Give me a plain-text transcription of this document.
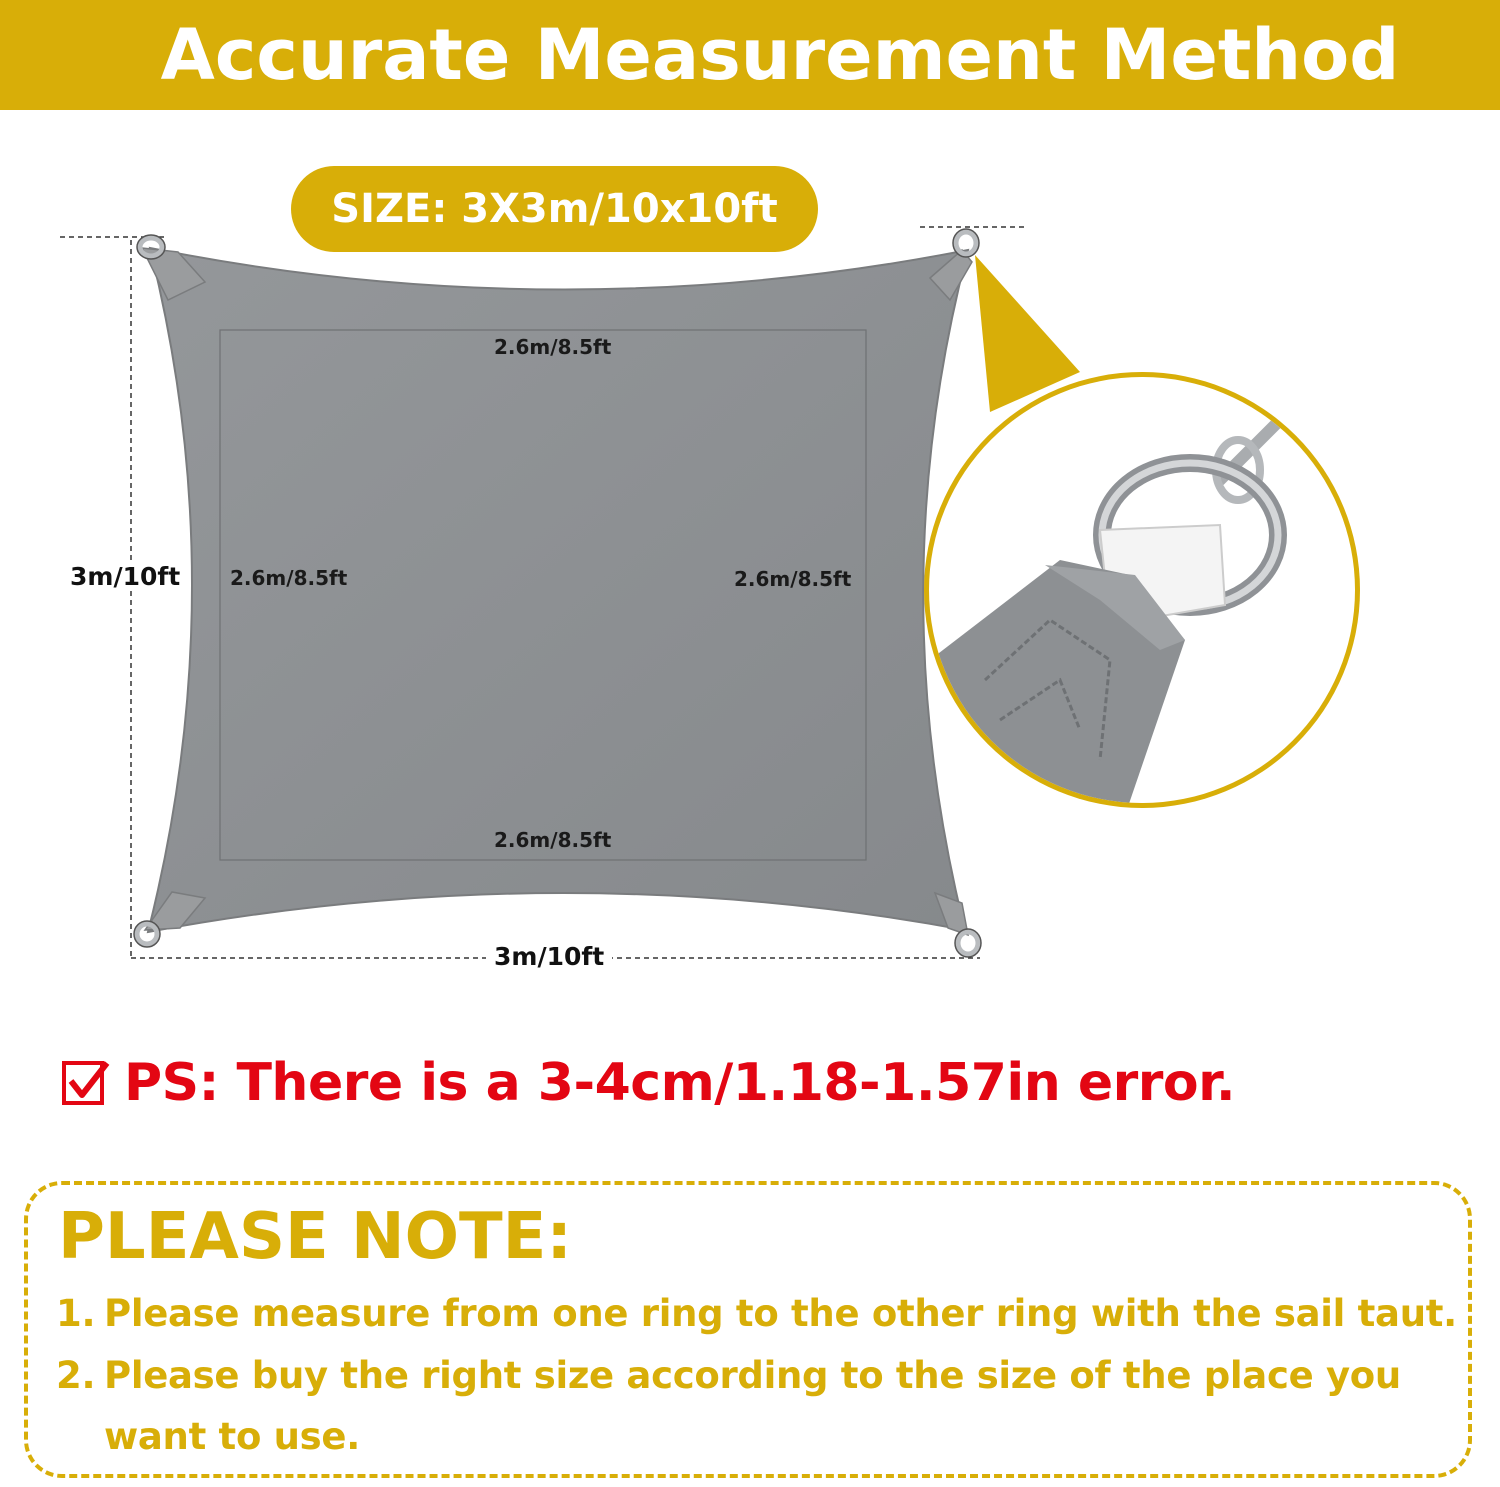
Accurate Measurement Method
SIZE: 3X3m/10x10ft
2.6m/8.5ft
2.6m/8.5ft
2.6m/8.5ft	2.6m/8.5ft
3m/10ft
3m/10ft
PS: There is a 3-4cm/1.18-1.57in error.
PLEASE NOTE:
1. Please measure from one ring to the other ring with the sail taut.
2. Please buy the right size according to the size of the place you
want to use.
